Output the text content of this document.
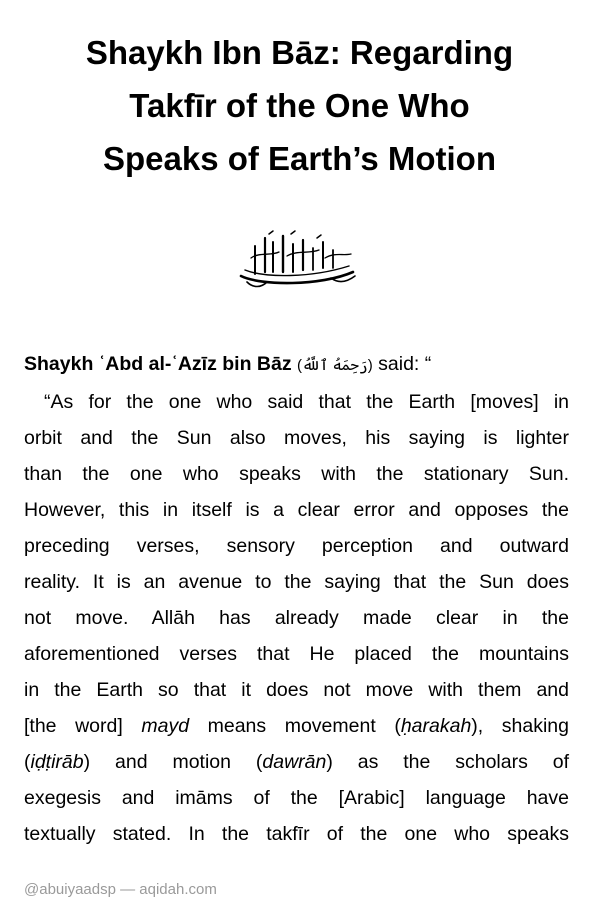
Shaykh Ibn Bāz: Regarding
Takfīr of the One Who
Speaks of Earth’s Motion
Shaykh ʿAbd al-ʿAzīz bin Bāz (رَحِمَهُ ٱللَّهُ) said: “
“As for the one who said that the Earth [moves] in
orbit and the Sun also moves, his saying is lighter
than the one who speaks with the stationary Sun.
However, this in itself is a clear error and opposes the
preceding verses, sensory perception and outward
reality. It is an avenue to the saying that the Sun does
not move. Allāh has already made clear in the
aforementioned verses that He placed the mountains
in the Earth so that it does not move with them and
[the word] mayd means movement (ḥarakah), shaking
(iḍṭirāb) and motion (dawrān) as the scholars of
exegesis and imāms of the [Arabic] language have
textually stated. In the takfīr of the one who speaks
@abuiyaadsp — aqidah.com
